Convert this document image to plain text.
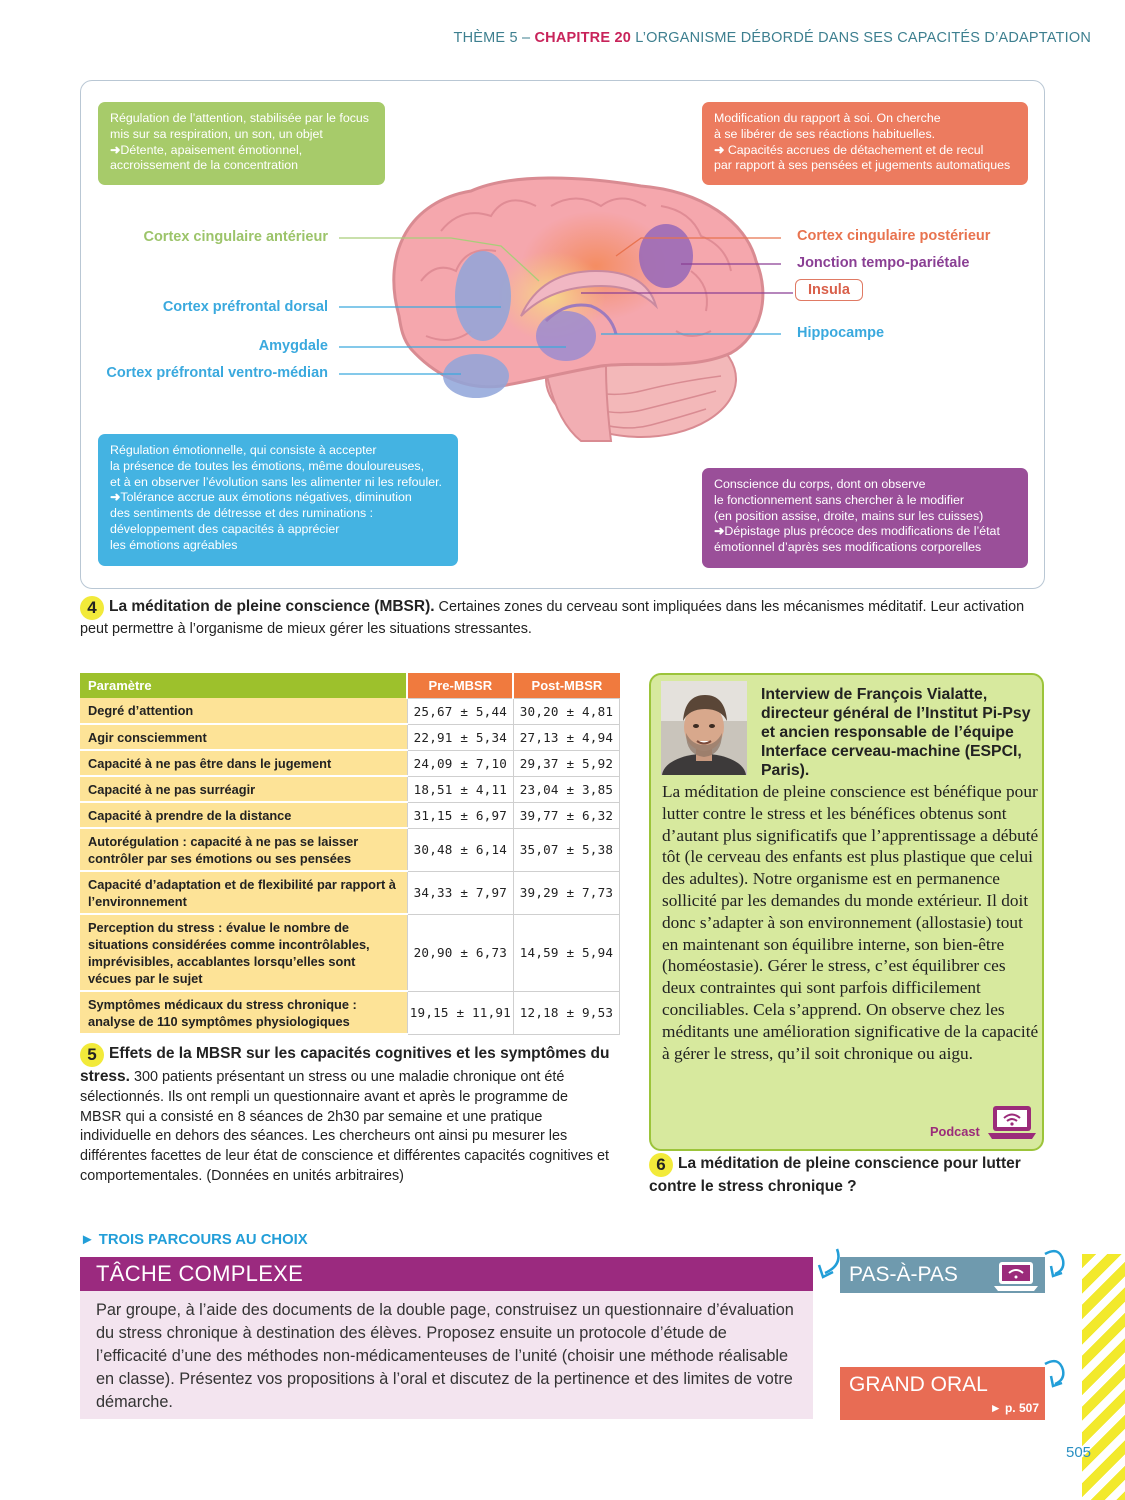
THÈME 5 – CHAPITRE 20 L’ORGANISME DÉBORDÉ DANS SES CAPACITÉS D’ADAPTATION
Régulation de l’attention, stabilisée par le focus
mis sur sa respiration, un son, un objet
➜Détente, apaisement émotionnel,
accroissement de la concentration
Modification du rapport à soi. On cherche
à se libérer de ses réactions habituelles.
➜ Capacités accrues de détachement et de recul
par rapport à ses pensées et jugements automatiques
Régulation émotionnelle, qui consiste à accepter
la présence de toutes les émotions, même douloureuses,
et à en observer l’évolution sans les alimenter ni les refouler.
➜Tolérance accrue aux émotions négatives, diminution
des sentiments de détresse et des ruminations :
développement des capacités à apprécier
les émotions agréables
Conscience du corps, dont on observe
le fonctionnement sans chercher à le modifier
(en position assise, droite, mains sur les cuisses)
➜Dépistage plus précoce des modifications de l’état
émotionnel d’après ses modifications corporelles
Cortex cingulaire antérieur
Cortex préfrontal dorsal
Amygdale
Cortex préfrontal ventro-médian
Cortex cingulaire postérieur
Jonction tempo-pariétale
Insula
Hippocampe
4 La méditation de pleine conscience (MBSR). Certaines zones du cerveau sont impliquées dans les mécanismes méditatif. Leur activation peut permettre à l’organisme de mieux gérer les situations stressantes.
Paramètre	Pre-MBSR	Post-MBSR
Degré d’attention	25,67 ± 5,44	30,20 ± 4,81
Agir consciemment	22,91 ± 5,34	27,13 ± 4,94
Capacité à ne pas être dans le jugement	24,09 ± 7,10	29,37 ± 5,92
Capacité à ne pas surréagir	18,51 ± 4,11	23,04 ± 3,85
Capacité à prendre de la distance	31,15 ± 6,97	39,77 ± 6,32
Autorégulation : capacité à ne pas se laisser contrôler par ses émotions ou ses pensées	30,48 ± 6,14	35,07 ± 5,38
Capacité d’adaptation et de flexibilité par rapport à l’environnement	34,33 ± 7,97	39,29 ± 7,73
Perception du stress : évalue le nombre de situations considérées comme incontrôlables, imprévisibles, accablantes lorsqu’elles sont vécues par le sujet	20,90 ± 6,73	14,59 ± 5,94
Symptômes médicaux du stress chronique : analyse de 110 symptômes physiologiques	19,15 ± 11,91	12,18 ± 9,53
5 Effets de la MBSR sur les capacités cognitives et les symptômes du stress. 300 patients présentant un stress ou une maladie chronique ont été sélectionnés. Ils ont rempli un questionnaire avant et après le programme de MBSR qui a consisté en 8 séances de 2h30 par semaine et une pratique individuelle en dehors des séances. Les chercheurs ont ainsi pu mesurer les différentes facettes de leur état de conscience et différentes capacités cognitives et comportementales. (Données en unités arbitraires)
Interview de François Vialatte, directeur général de l’Institut Pi-Psy et ancien responsable de l’équipe Interface cerveau-machine (ESPCI, Paris).
La méditation de pleine conscience est bénéfique pour lutter contre le stress et les bénéfices obtenus sont d’autant plus significatifs que l’apprentissage a débuté tôt (le cerveau des enfants est plus plastique que celui des adultes). Notre organisme est en permanence sollicité par les demandes du monde extérieur. Il doit donc s’adapter à son environnement (allostasie) tout en maintenant son équilibre interne, son bien-être (homéostasie). Gérer le stress, c’est équilibrer ces deux contraintes qui sont parfois difficilement conciliables. Cela s’apprend. On observe chez les méditants une amélioration significative de la capacité à gérer le stress, qu’il soit chronique ou aigu.
Podcast
6 La méditation de pleine conscience pour lutter contre le stress chronique ?
► TROIS PARCOURS AU CHOIX
TÂCHE COMPLEXE
Par groupe, à l’aide des documents de la double page, construisez un questionnaire d’évaluation du stress chronique à destination des élèves. Proposez ensuite un protocole d’étude de l’efficacité d’une des méthodes non-médicamenteuses de l’unité (choisir une méthode réalisable en classe). Présentez vos propositions à l’oral et discutez de la pertinence et des limites de votre démarche.
PAS-À-PAS
GRAND ORAL
► p. 507
505
